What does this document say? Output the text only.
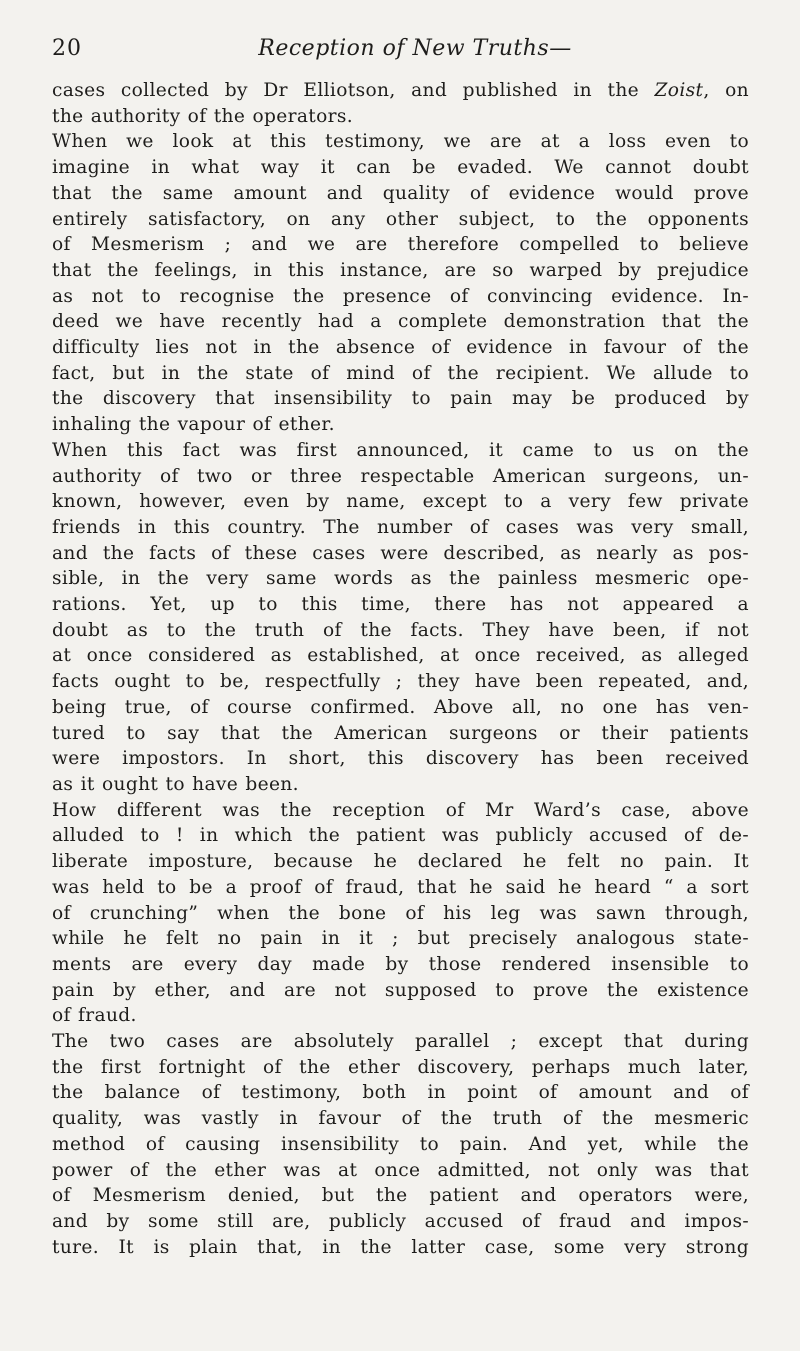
20	Reception of New Truths—
cases collected by Dr Elliotson, and published in the Zoist, on
the authority of the operators.
When we look at this testimony, we are at a loss even to
imagine in what way it can be evaded. We cannot doubt
that the same amount and quality of evidence would prove
entirely satisfactory, on any other subject, to the opponents
of Mesmerism ; and we are therefore compelled to believe
that the feelings, in this instance, are so warped by prejudice
as not to recognise the presence of convincing evidence. In-
deed we have recently had a complete demonstration that the
difficulty lies not in the absence of evidence in favour of the
fact, but in the state of mind of the recipient. We allude to
the discovery that insensibility to pain may be produced by
inhaling the vapour of ether.
When this fact was first announced, it came to us on the
authority of two or three respectable American surgeons, un-
known, however, even by name, except to a very few private
friends in this country. The number of cases was very small,
and the facts of these cases were described, as nearly as pos-
sible, in the very same words as the painless mesmeric ope-
rations. Yet, up to this time, there has not appeared a
doubt as to the truth of the facts. They have been, if not
at once considered as established, at once received, as alleged
facts ought to be, respectfully ; they have been repeated, and,
being true, of course confirmed. Above all, no one has ven-
tured to say that the American surgeons or their patients
were impostors. In short, this discovery has been received
as it ought to have been.
How different was the reception of Mr Ward’s case, above
alluded to ! in which the patient was publicly accused of de-
liberate imposture, because he declared he felt no pain. It
was held to be a proof of fraud, that he said he heard “ a sort
of crunching” when the bone of his leg was sawn through,
while he felt no pain in it ; but precisely analogous state-
ments are every day made by those rendered insensible to
pain by ether, and are not supposed to prove the existence
of fraud.
The two cases are absolutely parallel ; except that during
the first fortnight of the ether discovery, perhaps much later,
the balance of testimony, both in point of amount and of
quality, was vastly in favour of the truth of the mesmeric
method of causing insensibility to pain. And yet, while the
power of the ether was at once admitted, not only was that
of Mesmerism denied, but the patient and operators were,
and by some still are, publicly accused of fraud and impos-
ture. It is plain that, in the latter case, some very strong
